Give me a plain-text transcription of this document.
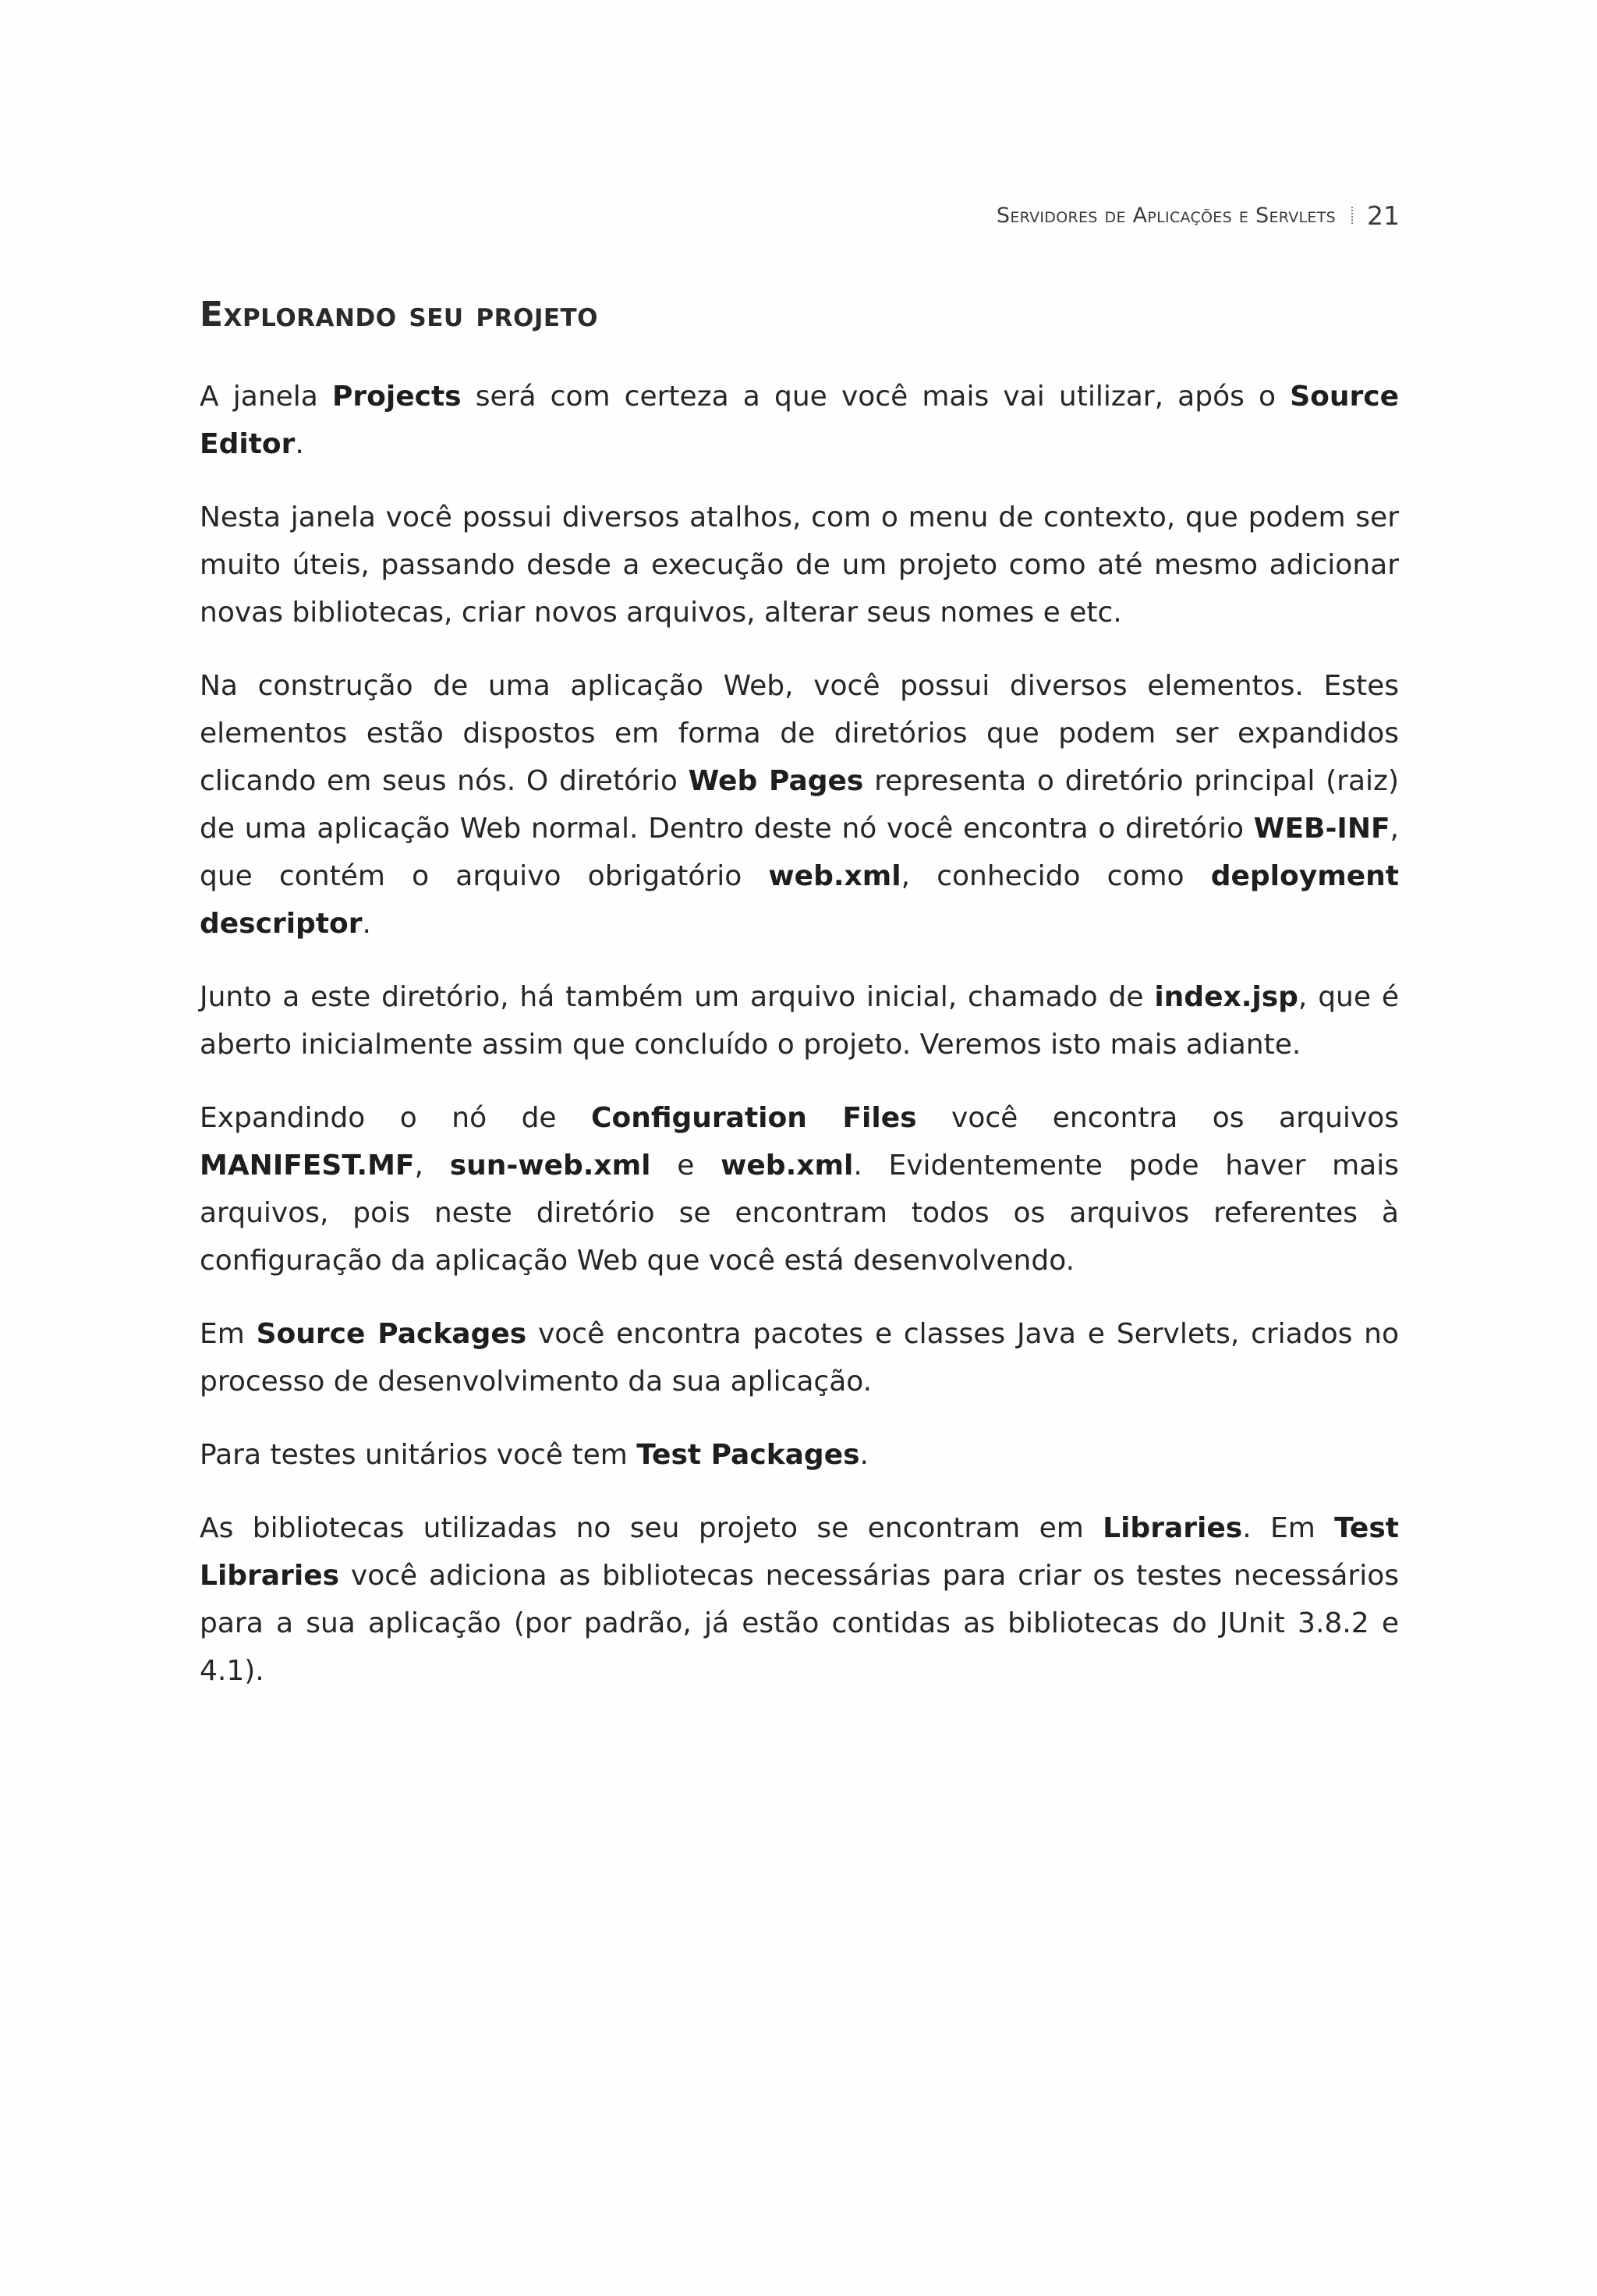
Servidores de Aplicações e Servlets 21
Explorando seu projeto

A janela Projects será com certeza a que você mais vai utilizar, após o Source Editor.

Nesta janela você possui diversos atalhos, com o menu de contexto, que podem ser muito úteis, passando desde a execução de um projeto como até mesmo adicionar novas bibliotecas, criar novos arquivos, alterar seus nomes e etc.

Na construção de uma aplicação Web, você possui diversos elementos. Estes elementos estão dispostos em forma de diretórios que podem ser expandidos clicando em seus nós. O diretório Web Pages representa o diretório principal (raiz) de uma aplicação Web normal. Dentro deste nó você encontra o diretório WEB-INF, que contém o arquivo obrigatório web.xml, conhecido como deployment descriptor.

Junto a este diretório, há também um arquivo inicial, chamado de index.jsp, que é aberto inicialmente assim que concluído o projeto. Veremos isto mais adiante.

Expandindo o nó de Configuration Files você encontra os arquivos MANIFEST.MF, sun-web.xml e web.xml. Evidentemente pode haver mais arquivos, pois neste diretório se encontram todos os arquivos referentes à configuração da aplicação Web que você está desenvolvendo.

Em Source Packages você encontra pacotes e classes Java e Servlets, criados no processo de desenvolvimento da sua aplicação.

Para testes unitários você tem Test Packages.

As bibliotecas utilizadas no seu projeto se encontram em Libraries. Em Test Libraries você adiciona as bibliotecas necessárias para criar os testes necessários para a sua aplicação (por padrão, já estão contidas as bibliotecas do JUnit 3.8.2 e 4.1).
